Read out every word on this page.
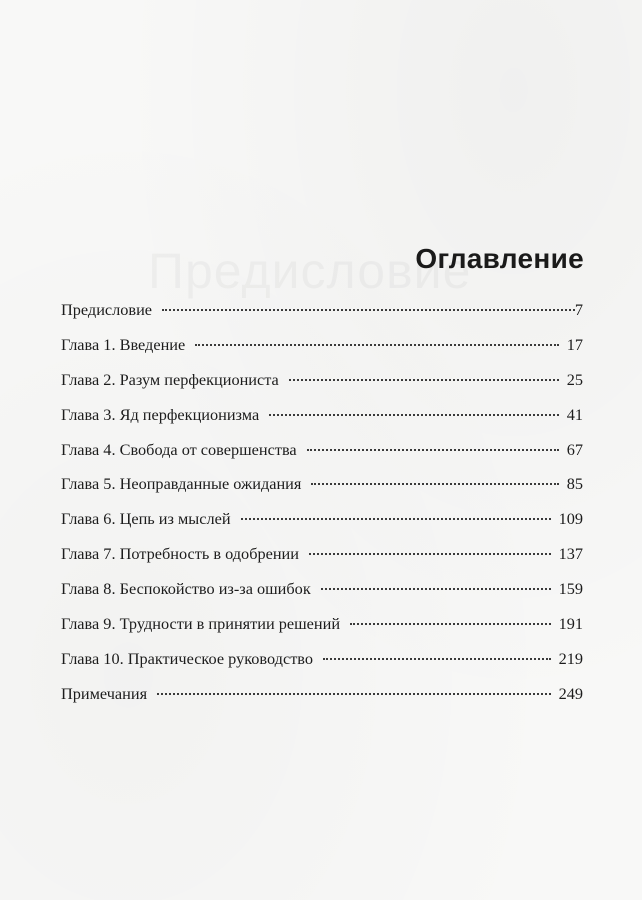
Оглавление
Предисловие	7
Глава 1. Введение	17
Глава 2. Разум перфекциониста	25
Глава 3. Яд перфекционизма	41
Глава 4. Свобода от совершенства	67
Глава 5. Неоправданные ожидания	85
Глава 6. Цепь из мыслей	109
Глава 7. Потребность в одобрении	137
Глава 8. Беспокойство из-за ошибок	159
Глава 9. Трудности в принятии решений	191
Глава 10. Практическое руководство	219
Примечания	249
